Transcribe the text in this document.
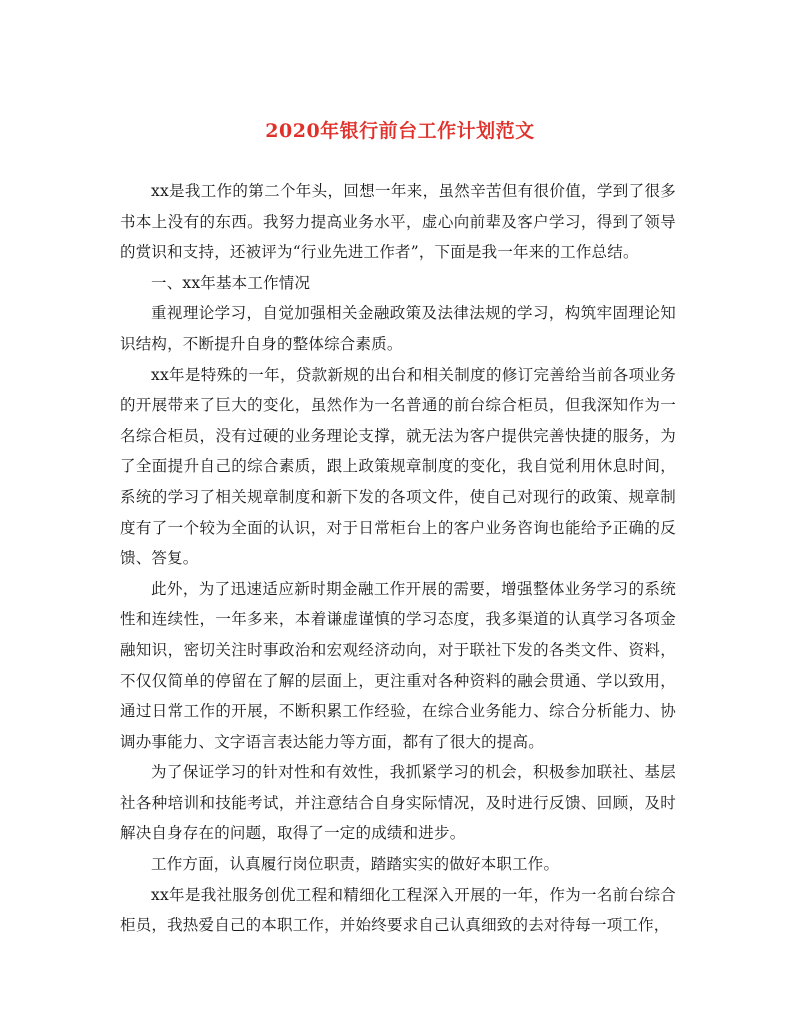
2020年银行前台工作计划范文

xx是我工作的第二个年头，回想一年来，虽然辛苦但有很价值，学到了很多书本上没有的东西。我努力提高业务水平，虚心向前辈及客户学习，得到了领导的赏识和支持，还被评为“行业先进工作者”，下面是我一年来的工作总结。

一、xx年基本工作情况

重视理论学习，自觉加强相关金融政策及法律法规的学习，构筑牢固理论知识结构，不断提升自身的整体综合素质。

xx年是特殊的一年，贷款新规的出台和相关制度的修订完善给当前各项业务的开展带来了巨大的变化，虽然作为一名普通的前台综合柜员，但我深知作为一名综合柜员，没有过硬的业务理论支撑，就无法为客户提供完善快捷的服务，为了全面提升自己的综合素质，跟上政策规章制度的变化，我自觉利用休息时间，系统的学习了相关规章制度和新下发的各项文件，使自己对现行的政策、规章制度有了一个较为全面的认识，对于日常柜台上的客户业务咨询也能给予正确的反馈、答复。

此外，为了迅速适应新时期金融工作开展的需要，增强整体业务学习的系统性和连续性，一年多来，本着谦虚谨慎的学习态度，我多渠道的认真学习各项金融知识，密切关注时事政治和宏观经济动向，对于联社下发的各类文件、资料，不仅仅简单的停留在了解的层面上，更注重对各种资料的融会贯通、学以致用，通过日常工作的开展，不断积累工作经验，在综合业务能力、综合分析能力、协调办事能力、文字语言表达能力等方面，都有了很大的提高。

为了保证学习的针对性和有效性，我抓紧学习的机会，积极参加联社、基层社各种培训和技能考试，并注意结合自身实际情况，及时进行反馈、回顾，及时解决自身存在的问题，取得了一定的成绩和进步。

工作方面，认真履行岗位职责，踏踏实实的做好本职工作。

xx年是我社服务创优工程和精细化工程深入开展的一年，作为一名前台综合柜员，我热爱自己的本职工作，并始终要求自己认真细致的去对待每一项工作，
